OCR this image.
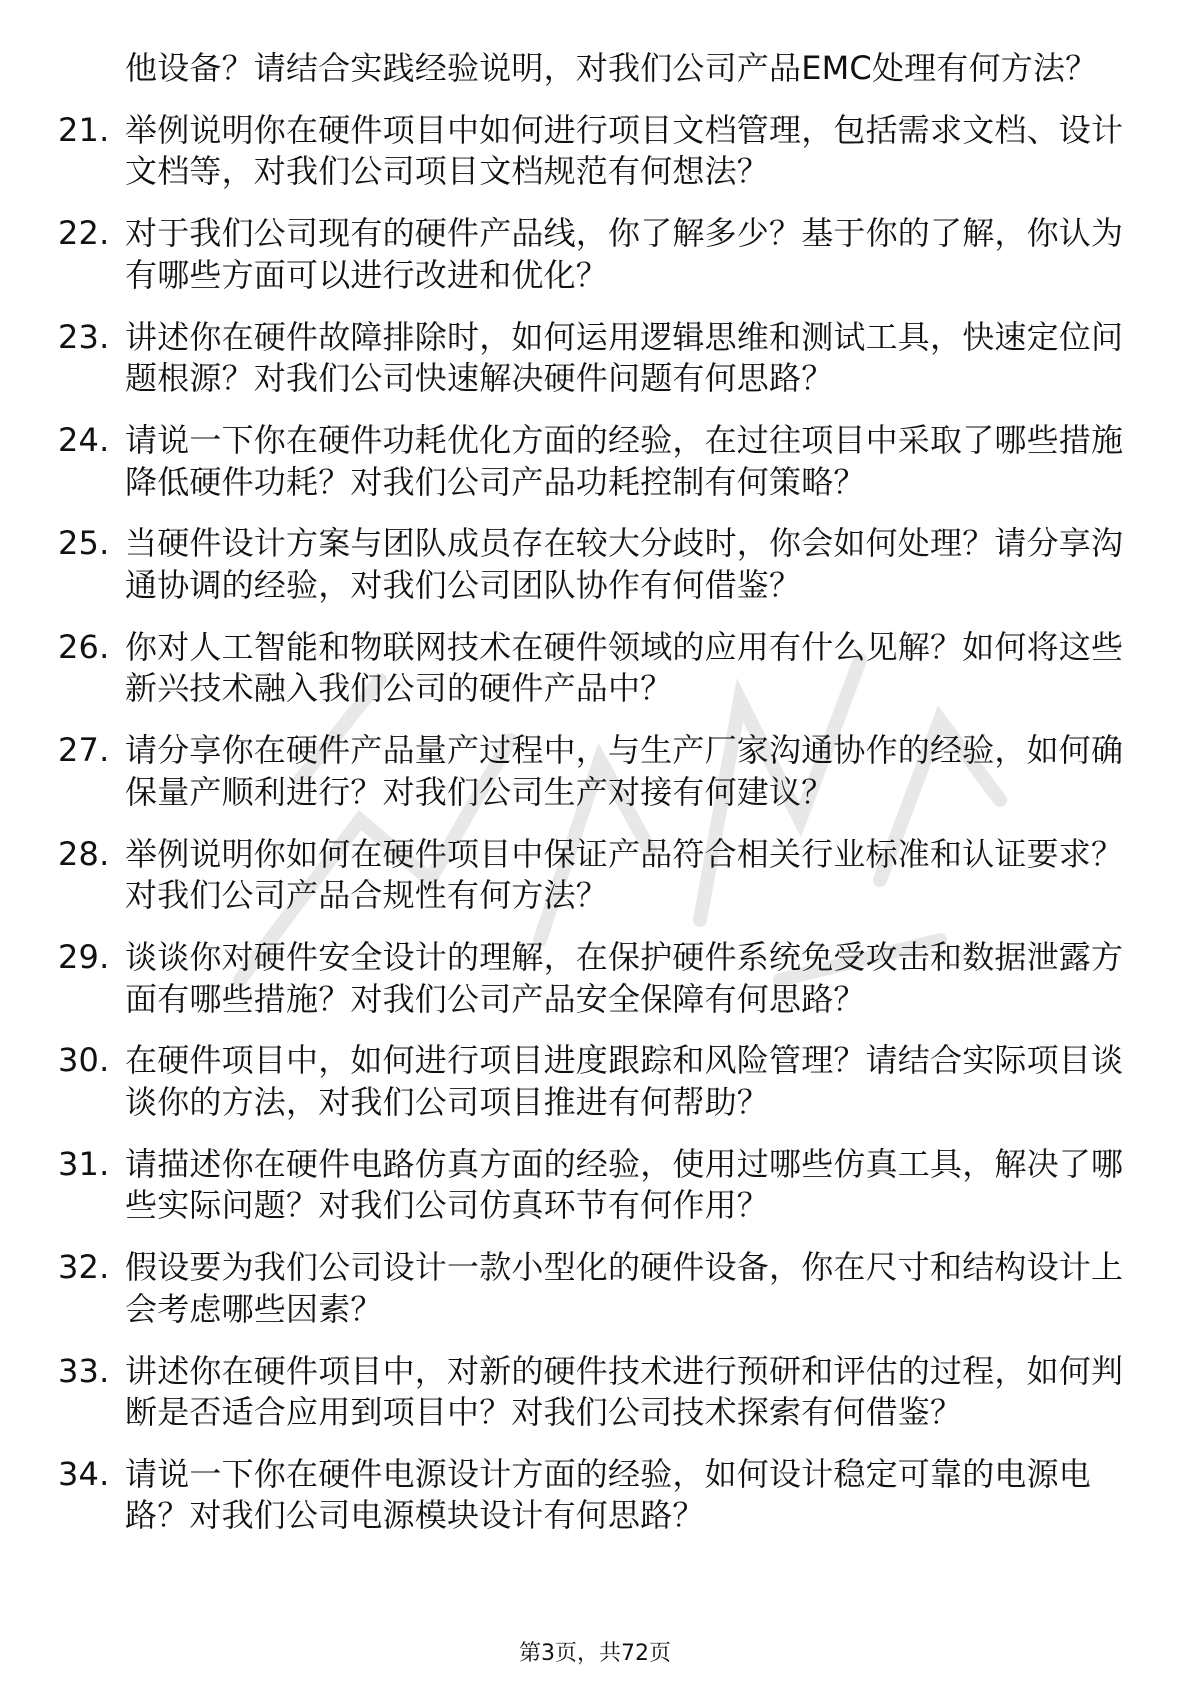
他设备？请结合实践经验说明，对我们公司产品EMC处理有何方法？
21. 举例说明你在硬件项目中如何进行项目文档管理，包括需求文档、设计文档等，对我们公司项目文档规范有何想法？
22. 对于我们公司现有的硬件产品线，你了解多少？基于你的了解，你认为有哪些方面可以进行改进和优化？
23. 讲述你在硬件故障排除时，如何运用逻辑思维和测试工具，快速定位问题根源？对我们公司快速解决硬件问题有何思路？
24. 请说一下你在硬件功耗优化方面的经验，在过往项目中采取了哪些措施降低硬件功耗？对我们公司产品功耗控制有何策略？
25. 当硬件设计方案与团队成员存在较大分歧时，你会如何处理？请分享沟通协调的经验，对我们公司团队协作有何借鉴？
26. 你对人工智能和物联网技术在硬件领域的应用有什么见解？如何将这些新兴技术融入我们公司的硬件产品中？
27. 请分享你在硬件产品量产过程中，与生产厂家沟通协作的经验，如何确保量产顺利进行？对我们公司生产对接有何建议？
28. 举例说明你如何在硬件项目中保证产品符合相关行业标准和认证要求？对我们公司产品合规性有何方法？
29. 谈谈你对硬件安全设计的理解，在保护硬件系统免受攻击和数据泄露方面有哪些措施？对我们公司产品安全保障有何思路？
30. 在硬件项目中，如何进行项目进度跟踪和风险管理？请结合实际项目谈谈你的方法，对我们公司项目推进有何帮助？
31. 请描述你在硬件电路仿真方面的经验，使用过哪些仿真工具，解决了哪些实际问题？对我们公司仿真环节有何作用？
32. 假设要为我们公司设计一款小型化的硬件设备，你在尺寸和结构设计上会考虑哪些因素？
33. 讲述你在硬件项目中，对新的硬件技术进行预研和评估的过程，如何判断是否适合应用到项目中？对我们公司技术探索有何借鉴？
34. 请说一下你在硬件电源设计方面的经验，如何设计稳定可靠的电源电路？对我们公司电源模块设计有何思路？
第3页，共72页
